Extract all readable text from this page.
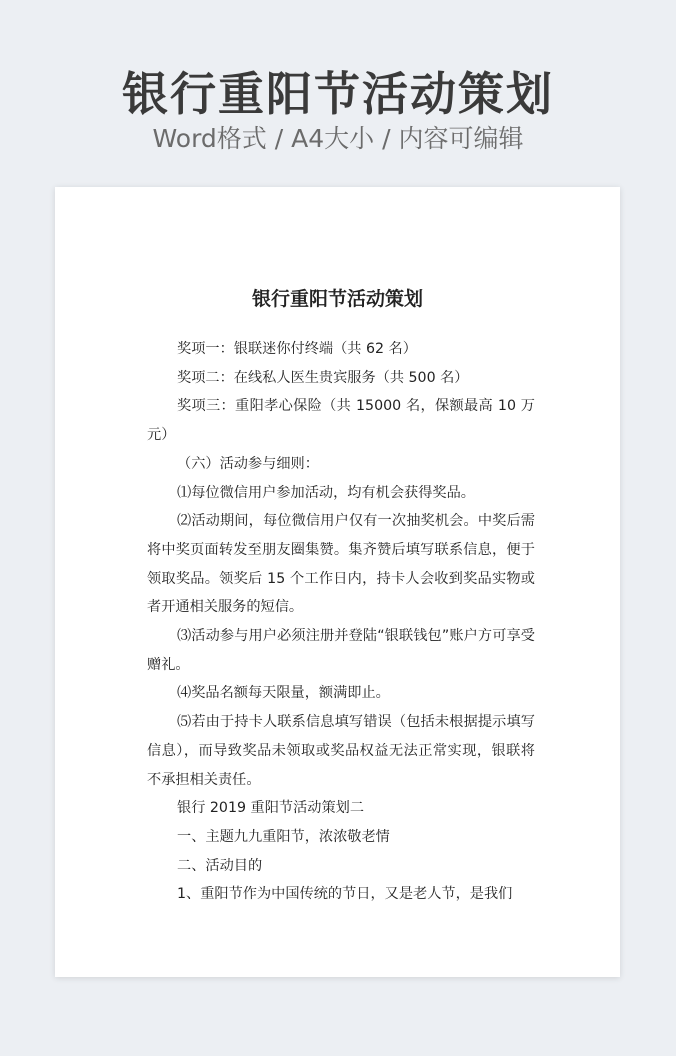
银行重阳节活动策划
Word格式 / A4大小 / 内容可编辑
银行重阳节活动策划

奖项一：银联迷你付终端（共 62 名）

奖项二：在线私人医生贵宾服务（共 500 名）

奖项三：重阳孝心保险（共 15000 名，保额最高 10 万元）

（六）活动参与细则：

⑴每位微信用户参加活动，均有机会获得奖品。

⑵活动期间，每位微信用户仅有一次抽奖机会。中奖后需将中奖页面转发至朋友圈集赞。集齐赞后填写联系信息，便于领取奖品。领奖后 15 个工作日内，持卡人会收到奖品实物或者开通相关服务的短信。

⑶活动参与用户必须注册并登陆“银联钱包”账户方可享受赠礼。

⑷奖品名额每天限量，额满即止。

⑸若由于持卡人联系信息填写错误（包括未根据提示填写信息），而导致奖品未领取或奖品权益无法正常实现，银联将不承担相关责任。

银行 2019 重阳节活动策划二

一、主题九九重阳节，浓浓敬老情

二、活动目的

1、重阳节作为中国传统的节日，又是老人节，是我们
